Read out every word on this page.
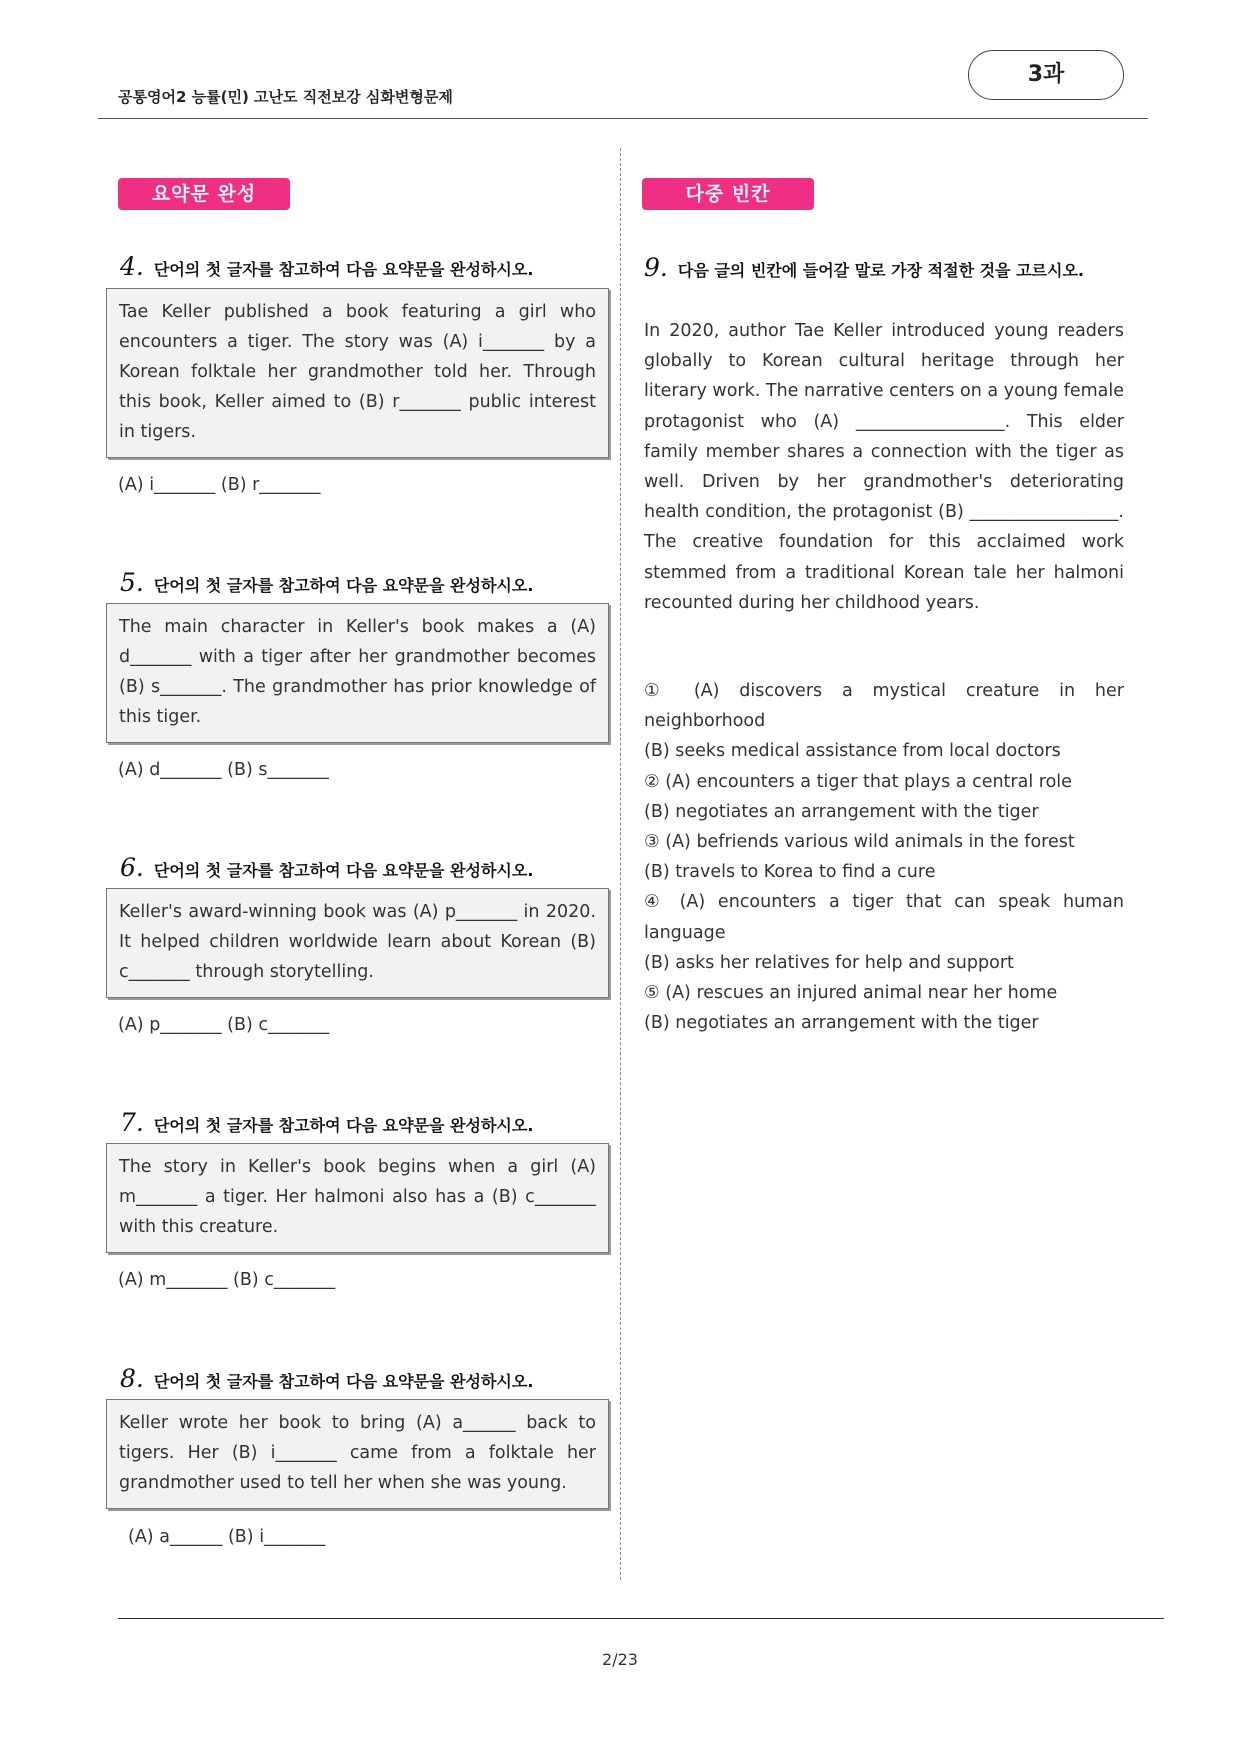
공통영어2 능률(민) 고난도 직전보강 심화변형문제
3과
요약문 완성	다중 빈칸
4. 단어의 첫 글자를 참고하여 다음 요약문을 완성하시오.
Tae Keller published a book featuring a girl who encounters a tiger. The story was (A) i_______ by a Korean folktale her grandmother told her. Through this book, Keller aimed to (B) r_______ public interest in tigers.
(A) i_______ (B) r_______
5. 단어의 첫 글자를 참고하여 다음 요약문을 완성하시오.
The main character in Keller's book makes a (A) d_______ with a tiger after her grandmother becomes (B) s_______. The grandmother has prior knowledge of this tiger.
(A) d_______ (B) s_______
6. 단어의 첫 글자를 참고하여 다음 요약문을 완성하시오.
Keller's award-winning book was (A) p_______ in 2020. It helped children worldwide learn about Korean (B) c_______ through storytelling.
(A) p_______ (B) c_______
7. 단어의 첫 글자를 참고하여 다음 요약문을 완성하시오.
The story in Keller's book begins when a girl (A) m_______ a tiger. Her halmoni also has a (B) c_______ with this creature.
(A) m_______ (B) c_______
8. 단어의 첫 글자를 참고하여 다음 요약문을 완성하시오.
Keller wrote her book to bring (A) a______ back to tigers. Her (B) i_______ came from a folktale her grandmother used to tell her when she was young.
(A) a______ (B) i_______
9. 다음 글의 빈칸에 들어갈 말로 가장 적절한 것을 고르시오.
In 2020, author Tae Keller introduced young readers globally to Korean cultural heritage through her literary work. The narrative centers on a young female protagonist who (A) _________________. This elder family member shares a connection with the tiger as well. Driven by her grandmother's deteriorating health condition, the protagonist (B) _________________. The creative foundation for this acclaimed work stemmed from a traditional Korean tale her halmoni recounted during her childhood years.
① (A) discovers a mystical creature in her neighborhood
(B) seeks medical assistance from local doctors
② (A) encounters a tiger that plays a central role
(B) negotiates an arrangement with the tiger
③ (A) befriends various wild animals in the forest
(B) travels to Korea to find a cure
④ (A) encounters a tiger that can speak human language
(B) asks her relatives for help and support
⑤ (A) rescues an injured animal near her home
(B) negotiates an arrangement with the tiger
2/23
